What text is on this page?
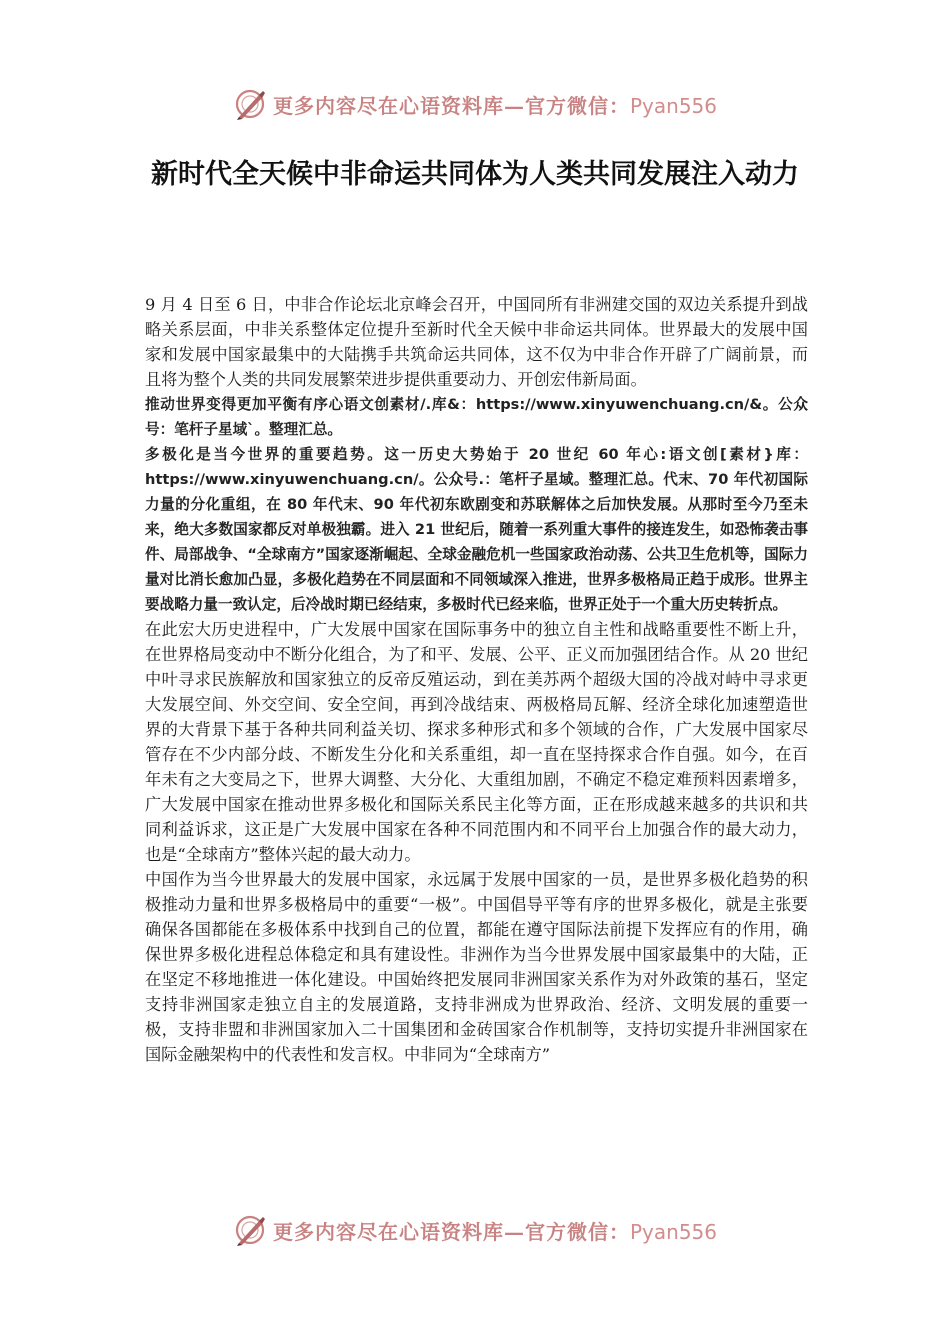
更多内容尽在心语资料库—官方微信：Pyan556
新时代全天候中非命运共同体为人类共同发展注入动力

9 月 4 日至 6 日，中非合作论坛北京峰会召开，中国同所有非洲建交国的双边关系提升到战略关系层面，中非关系整体定位提升至新时代全天候中非命运共同体。世界最大的发展中国家和发展中国家最集中的大陆携手共筑命运共同体，这不仅为中非合作开辟了广阔前景，而且将为整个人类的共同发展繁荣进步提供重要动力、开创宏伟新局面。

推动世界变得更加平衡有序心语文创素材/.库&：https://www.xinyuwenchuang.cn/&。公众号：笔杆子星域`。整理汇总。

多极化是当今世界的重要趋势。这一历史大势始于 20 世纪 60 年心:语文创[素材}库：https://www.xinyuwenchuang.cn/。公众号.：笔杆子星域。整理汇总。代末、70 年代初国际力量的分化重组，在 80 年代末、90 年代初东欧剧变和苏联解体之后加快发展。从那时至今乃至未来，绝大多数国家都反对单极独霸。进入 21 世纪后，随着一系列重大事件的接连发生，如恐怖袭击事件、局部战争、“全球南方”国家逐渐崛起、全球金融危机一些国家政治动荡、公共卫生危机等，国际力量对比消长愈加凸显，多极化趋势在不同层面和不同领域深入推进，世界多极格局正趋于成形。世界主要战略力量一致认定，后冷战时期已经结束，多极时代已经来临，世界正处于一个重大历史转折点。

在此宏大历史进程中，广大发展中国家在国际事务中的独立自主性和战略重要性不断上升，在世界格局变动中不断分化组合，为了和平、发展、公平、正义而加强团结合作。从 20 世纪中叶寻求民族解放和国家独立的反帝反殖运动，到在美苏两个超级大国的冷战对峙中寻求更大发展空间、外交空间、安全空间，再到冷战结束、两极格局瓦解、经济全球化加速塑造世界的大背景下基于各种共同利益关切、探求多种形式和多个领域的合作，广大发展中国家尽管存在不少内部分歧、不断发生分化和关系重组，却一直在坚持探求合作自强。如今，在百年未有之大变局之下，世界大调整、大分化、大重组加剧，不确定不稳定难预料因素增多，广大发展中国家在推动世界多极化和国际关系民主化等方面，正在形成越来越多的共识和共同利益诉求，这正是广大发展中国家在各种不同范围内和不同平台上加强合作的最大动力，也是“全球南方”整体兴起的最大动力。

中国作为当今世界最大的发展中国家，永远属于发展中国家的一员，是世界多极化趋势的积极推动力量和世界多极格局中的重要“一极”。中国倡导平等有序的世界多极化，就是主张要确保各国都能在多极体系中找到自己的位置，都能在遵守国际法前提下发挥应有的作用，确保世界多极化进程总体稳定和具有建设性。非洲作为当今世界发展中国家最集中的大陆，正在坚定不移地推进一体化建设。中国始终把发展同非洲国家关系作为对外政策的基石，坚定支持非洲国家走独立自主的发展道路，支持非洲成为世界政治、经济、文明发展的重要一极，支持非盟和非洲国家加入二十国集团和金砖国家合作机制等，支持切实提升非洲国家在国际金融架构中的代表性和发言权。中非同为“全球南方”

更多内容尽在心语资料库—官方微信：Pyan556
